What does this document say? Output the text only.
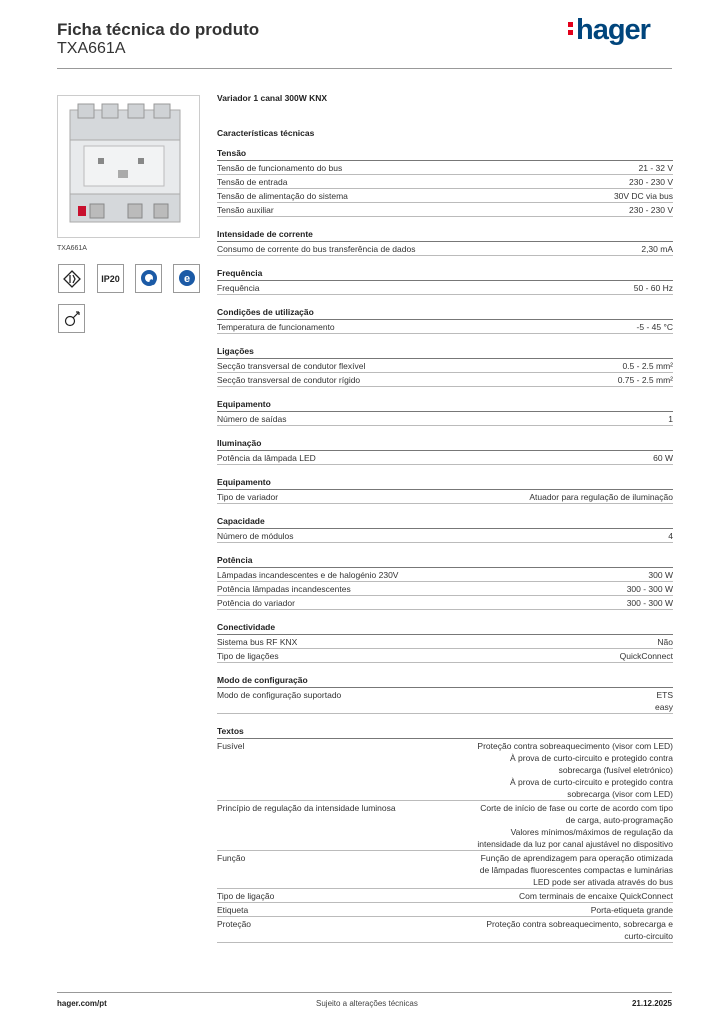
Ficha técnica do produto
TXA661A
hager
TXA661A
IP20	e
Variador 1 canal 300W KNX
Características técnicas
Tensão
Tensão de funcionamento do bus	21 - 32 V
Tensão de entrada	230 - 230 V
Tensão de alimentação do sistema	30V DC via bus
Tensão auxiliar	230 - 230 V
Intensidade de corrente
Consumo de corrente do bus transferência de dados	2,30 mA
Frequência
Frequência	50 - 60 Hz
Condições de utilização
Temperatura de funcionamento	-5 - 45 °C
Ligações
Secção transversal de condutor flexível	0.5 - 2.5 mm²
Secção transversal de condutor rígido	0.75 - 2.5 mm²
Equipamento
Número de saídas	1
Iluminação
Potência da lâmpada LED	60 W
Equipamento
Tipo de variador	Atuador para regulação de iluminação
Capacidade
Número de módulos	4
Potência
Lâmpadas incandescentes e de halogénio 230V	300 W
Potência lâmpadas incandescentes	300 - 300 W
Potência do variador	300 - 300 W
Conectividade
Sistema bus RF KNX	Não
Tipo de ligações	QuickConnect
Modo de configuração
Modo de configuração suportado	ETS
easy
Textos
Fusível	Proteção contra sobreaquecimento (visor com LED)
À prova de curto-circuito e protegido contra
sobrecarga (fusível eletrónico)
À prova de curto-circuito e protegido contra
sobrecarga (visor com LED)
Princípio de regulação da intensidade luminosa	Corte de início de fase ou corte de acordo com tipo
de carga, auto-programação
Valores mínimos/máximos de regulação da
intensidade da luz por canal ajustável no dispositivo
Função	Função de aprendizagem para operação otimizada
de lâmpadas fluorescentes compactas e luminárias
LED pode ser ativada através do bus
Tipo de ligação	Com terminais de encaixe QuickConnect
Etiqueta	Porta-etiqueta grande
Proteção	Proteção contra sobreaquecimento, sobrecarga e
curto-circuito
hager.com/pt	Sujeito a alterações técnicas	21.12.2025
